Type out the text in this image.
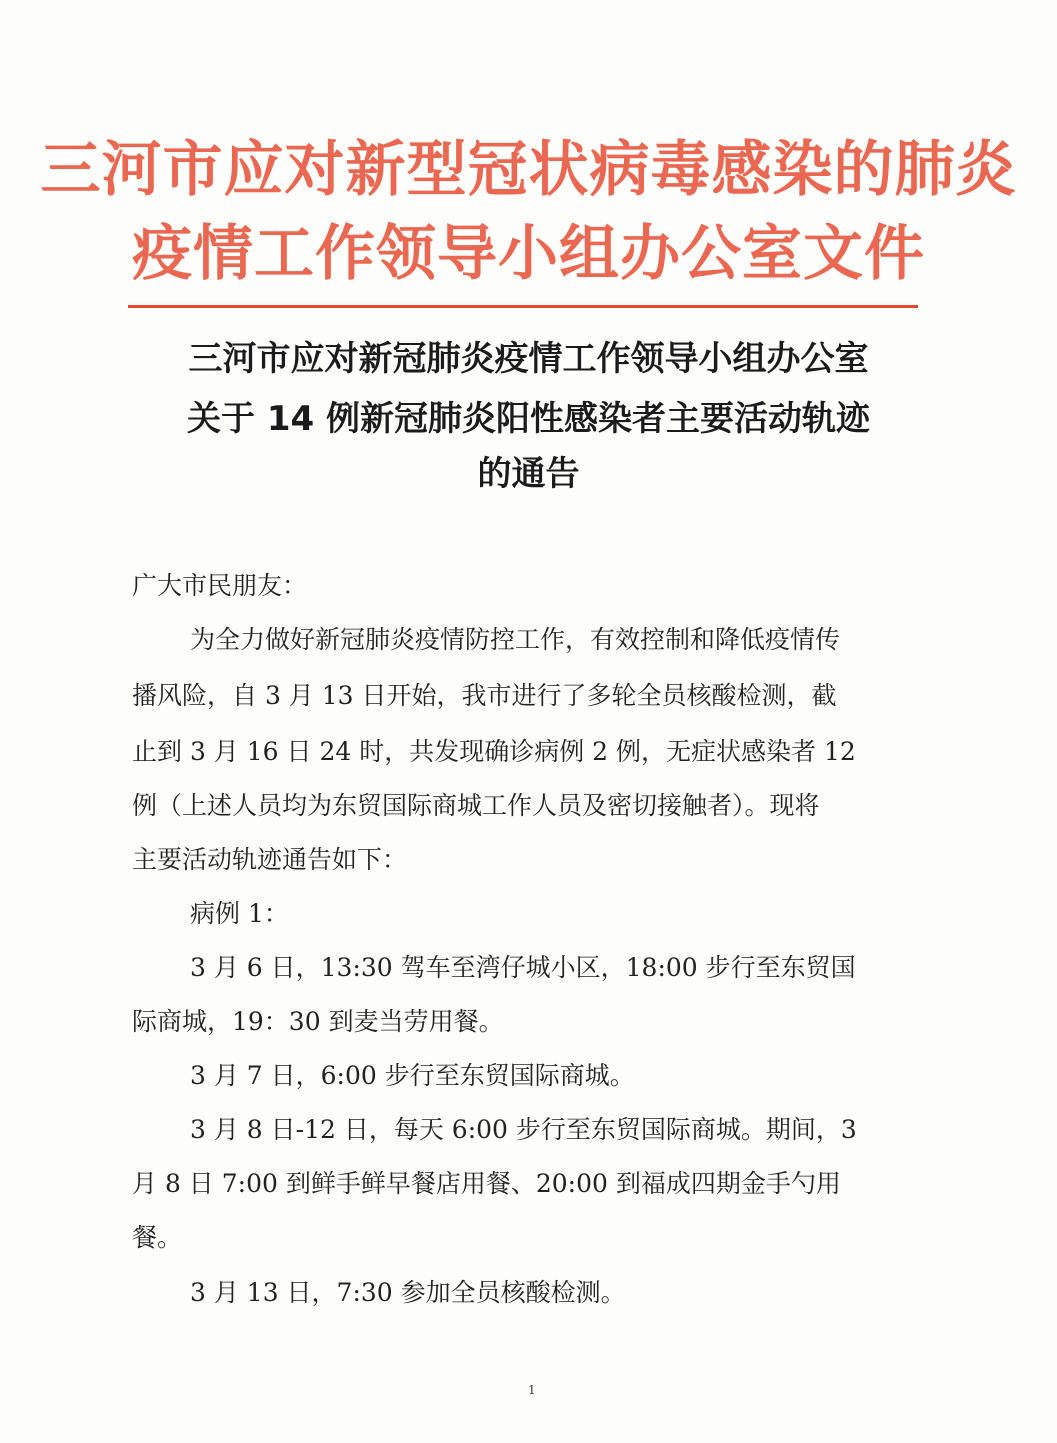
三河市应对新型冠状病毒感染的肺炎
疫情工作领导小组办公室文件
三河市应对新冠肺炎疫情工作领导小组办公室
关于 14 例新冠肺炎阳性感染者主要活动轨迹
的通告
广大市民朋友：
为全力做好新冠肺炎疫情防控工作，有效控制和降低疫情传
播风险，自 3 月 13 日开始，我市进行了多轮全员核酸检测，截
止到 3 月 16 日 24 时，共发现确诊病例 2 例，无症状感染者 12
例（上述人员均为东贸国际商城工作人员及密切接触者）。现将
主要活动轨迹通告如下：
病例 1：
3 月 6 日，13:30 驾车至湾仔城小区，18:00 步行至东贸国
际商城，19：30 到麦当劳用餐。
3 月 7 日，6:00 步行至东贸国际商城。
3 月 8 日-12 日，每天 6:00 步行至东贸国际商城。期间，3
月 8 日 7:00 到鲜手鲜早餐店用餐、20:00 到福成四期金手勺用
餐。
3 月 13 日，7:30 参加全员核酸检测。
1
